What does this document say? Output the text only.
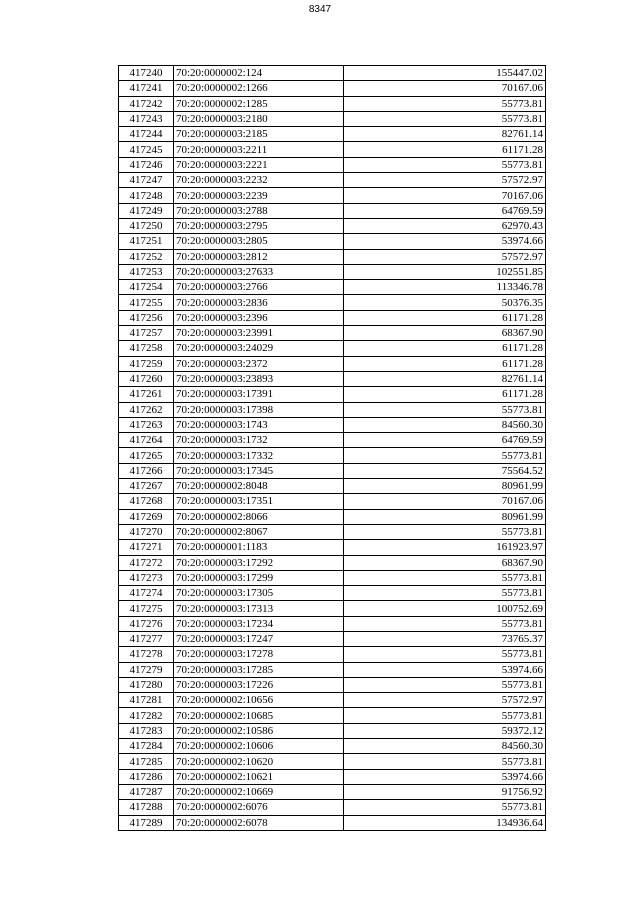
8347
417240	70:20:0000002:124	155447.02
417241	70:20:0000002:1266	70167.06
417242	70:20:0000002:1285	55773.81
417243	70:20:0000003:2180	55773.81
417244	70:20:0000003:2185	82761.14
417245	70:20:0000003:2211	61171.28
417246	70:20:0000003:2221	55773.81
417247	70:20:0000003:2232	57572.97
417248	70:20:0000003:2239	70167.06
417249	70:20:0000003:2788	64769.59
417250	70:20:0000003:2795	62970.43
417251	70:20:0000003:2805	53974.66
417252	70:20:0000003:2812	57572.97
417253	70:20:0000003:27633	102551.85
417254	70:20:0000003:2766	113346.78
417255	70:20:0000003:2836	50376.35
417256	70:20:0000003:2396	61171.28
417257	70:20:0000003:23991	68367.90
417258	70:20:0000003:24029	61171.28
417259	70:20:0000003:2372	61171.28
417260	70:20:0000003:23893	82761.14
417261	70:20:0000003:17391	61171.28
417262	70:20:0000003:17398	55773.81
417263	70:20:0000003:1743	84560.30
417264	70:20:0000003:1732	64769.59
417265	70:20:0000003:17332	55773.81
417266	70:20:0000003:17345	75564.52
417267	70:20:0000002:8048	80961.99
417268	70:20:0000003:17351	70167.06
417269	70:20:0000002:8066	80961.99
417270	70:20:0000002:8067	55773.81
417271	70:20:0000001:1183	161923.97
417272	70:20:0000003:17292	68367.90
417273	70:20:0000003:17299	55773.81
417274	70:20:0000003:17305	55773.81
417275	70:20:0000003:17313	100752.69
417276	70:20:0000003:17234	55773.81
417277	70:20:0000003:17247	73765.37
417278	70:20:0000003:17278	55773.81
417279	70:20:0000003:17285	53974.66
417280	70:20:0000003:17226	55773.81
417281	70:20:0000002:10656	57572.97
417282	70:20:0000002:10685	55773.81
417283	70:20:0000002:10586	59372.12
417284	70:20:0000002:10606	84560.30
417285	70:20:0000002:10620	55773.81
417286	70:20:0000002:10621	53974.66
417287	70:20:0000002:10669	91756.92
417288	70:20:0000002:6076	55773.81
417289	70:20:0000002:6078	134936.64
